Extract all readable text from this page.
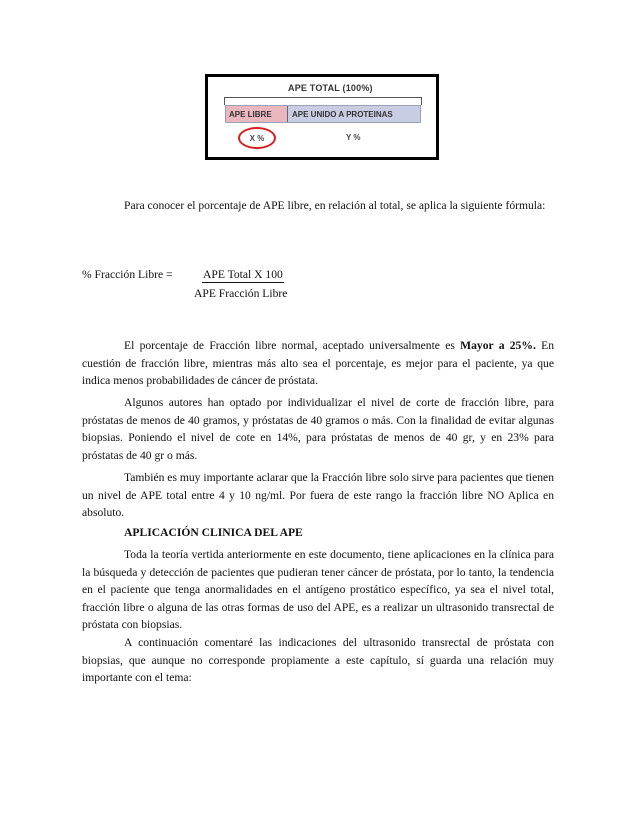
APE TOTAL (100%)
APE LIBRE	APE UNIDO A PROTEINAS
X %	Y %

Para conocer el porcentaje de APE libre, en relación al total, se aplica la siguiente fórmula:

% Fracción Libre =	APE Total X 100
APE Fracción Libre

El porcentaje de Fracción libre normal, aceptado universalmente es Mayor a 25%. En cuestión de fracción libre, mientras más alto sea el porcentaje, es mejor para el paciente, ya que indica menos probabilidades de cáncer de próstata.

Algunos autores han optado por individualizar el nivel de corte de fracción libre, para próstatas de menos de 40 gramos, y próstatas de 40 gramos o más. Con la finalidad de evitar algunas biopsias. Poniendo el nivel de cote en 14%, para próstatas de menos de 40 gr, y en 23% para próstatas de 40 gr o más.

También es muy importante aclarar que la Fracción libre solo sirve para pacientes que tienen un nivel de APE total entre 4 y 10 ng/ml. Por fuera de este rango la fracción libre NO Aplica en absoluto.

APLICACIÓN CLINICA DEL APE

Toda la teoría vertida anteriormente en este documento, tiene aplicaciones en la clínica para la búsqueda y detección de pacientes que pudieran tener cáncer de próstata, por lo tanto, la tendencia en el paciente que tenga anormalidades en el antígeno prostático específico, ya sea el nivel total, fracción libre o alguna de las otras formas de uso del APE, es a realizar un ultrasonido transrectal de próstata con biopsias.

A continuación comentaré las indicaciones del ultrasonido transrectal de próstata con biopsias, que aunque no corresponde propiamente a este capítulo, sí guarda una relación muy importante con el tema:
